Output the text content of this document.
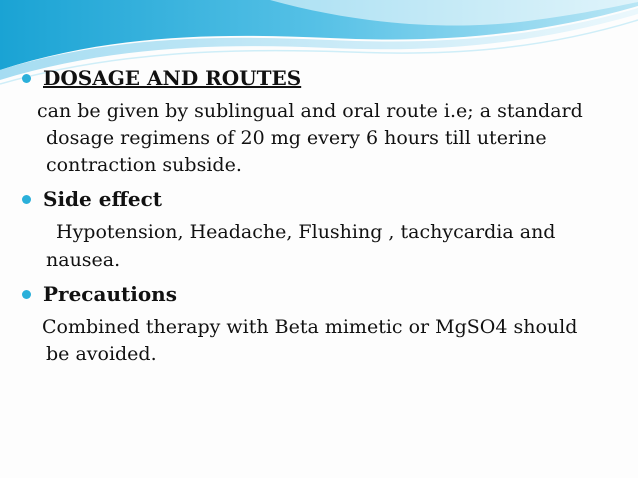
DOSAGE AND ROUTES
can be given by sublingual and oral route i.e; a standard
dosage regimens of 20 mg every 6 hours till uterine
contraction subside.
Side effect
Hypotension, Headache, Flushing , tachycardia and
nausea.
Precautions
Combined therapy with Beta mimetic or MgSO4 should
be avoided.
